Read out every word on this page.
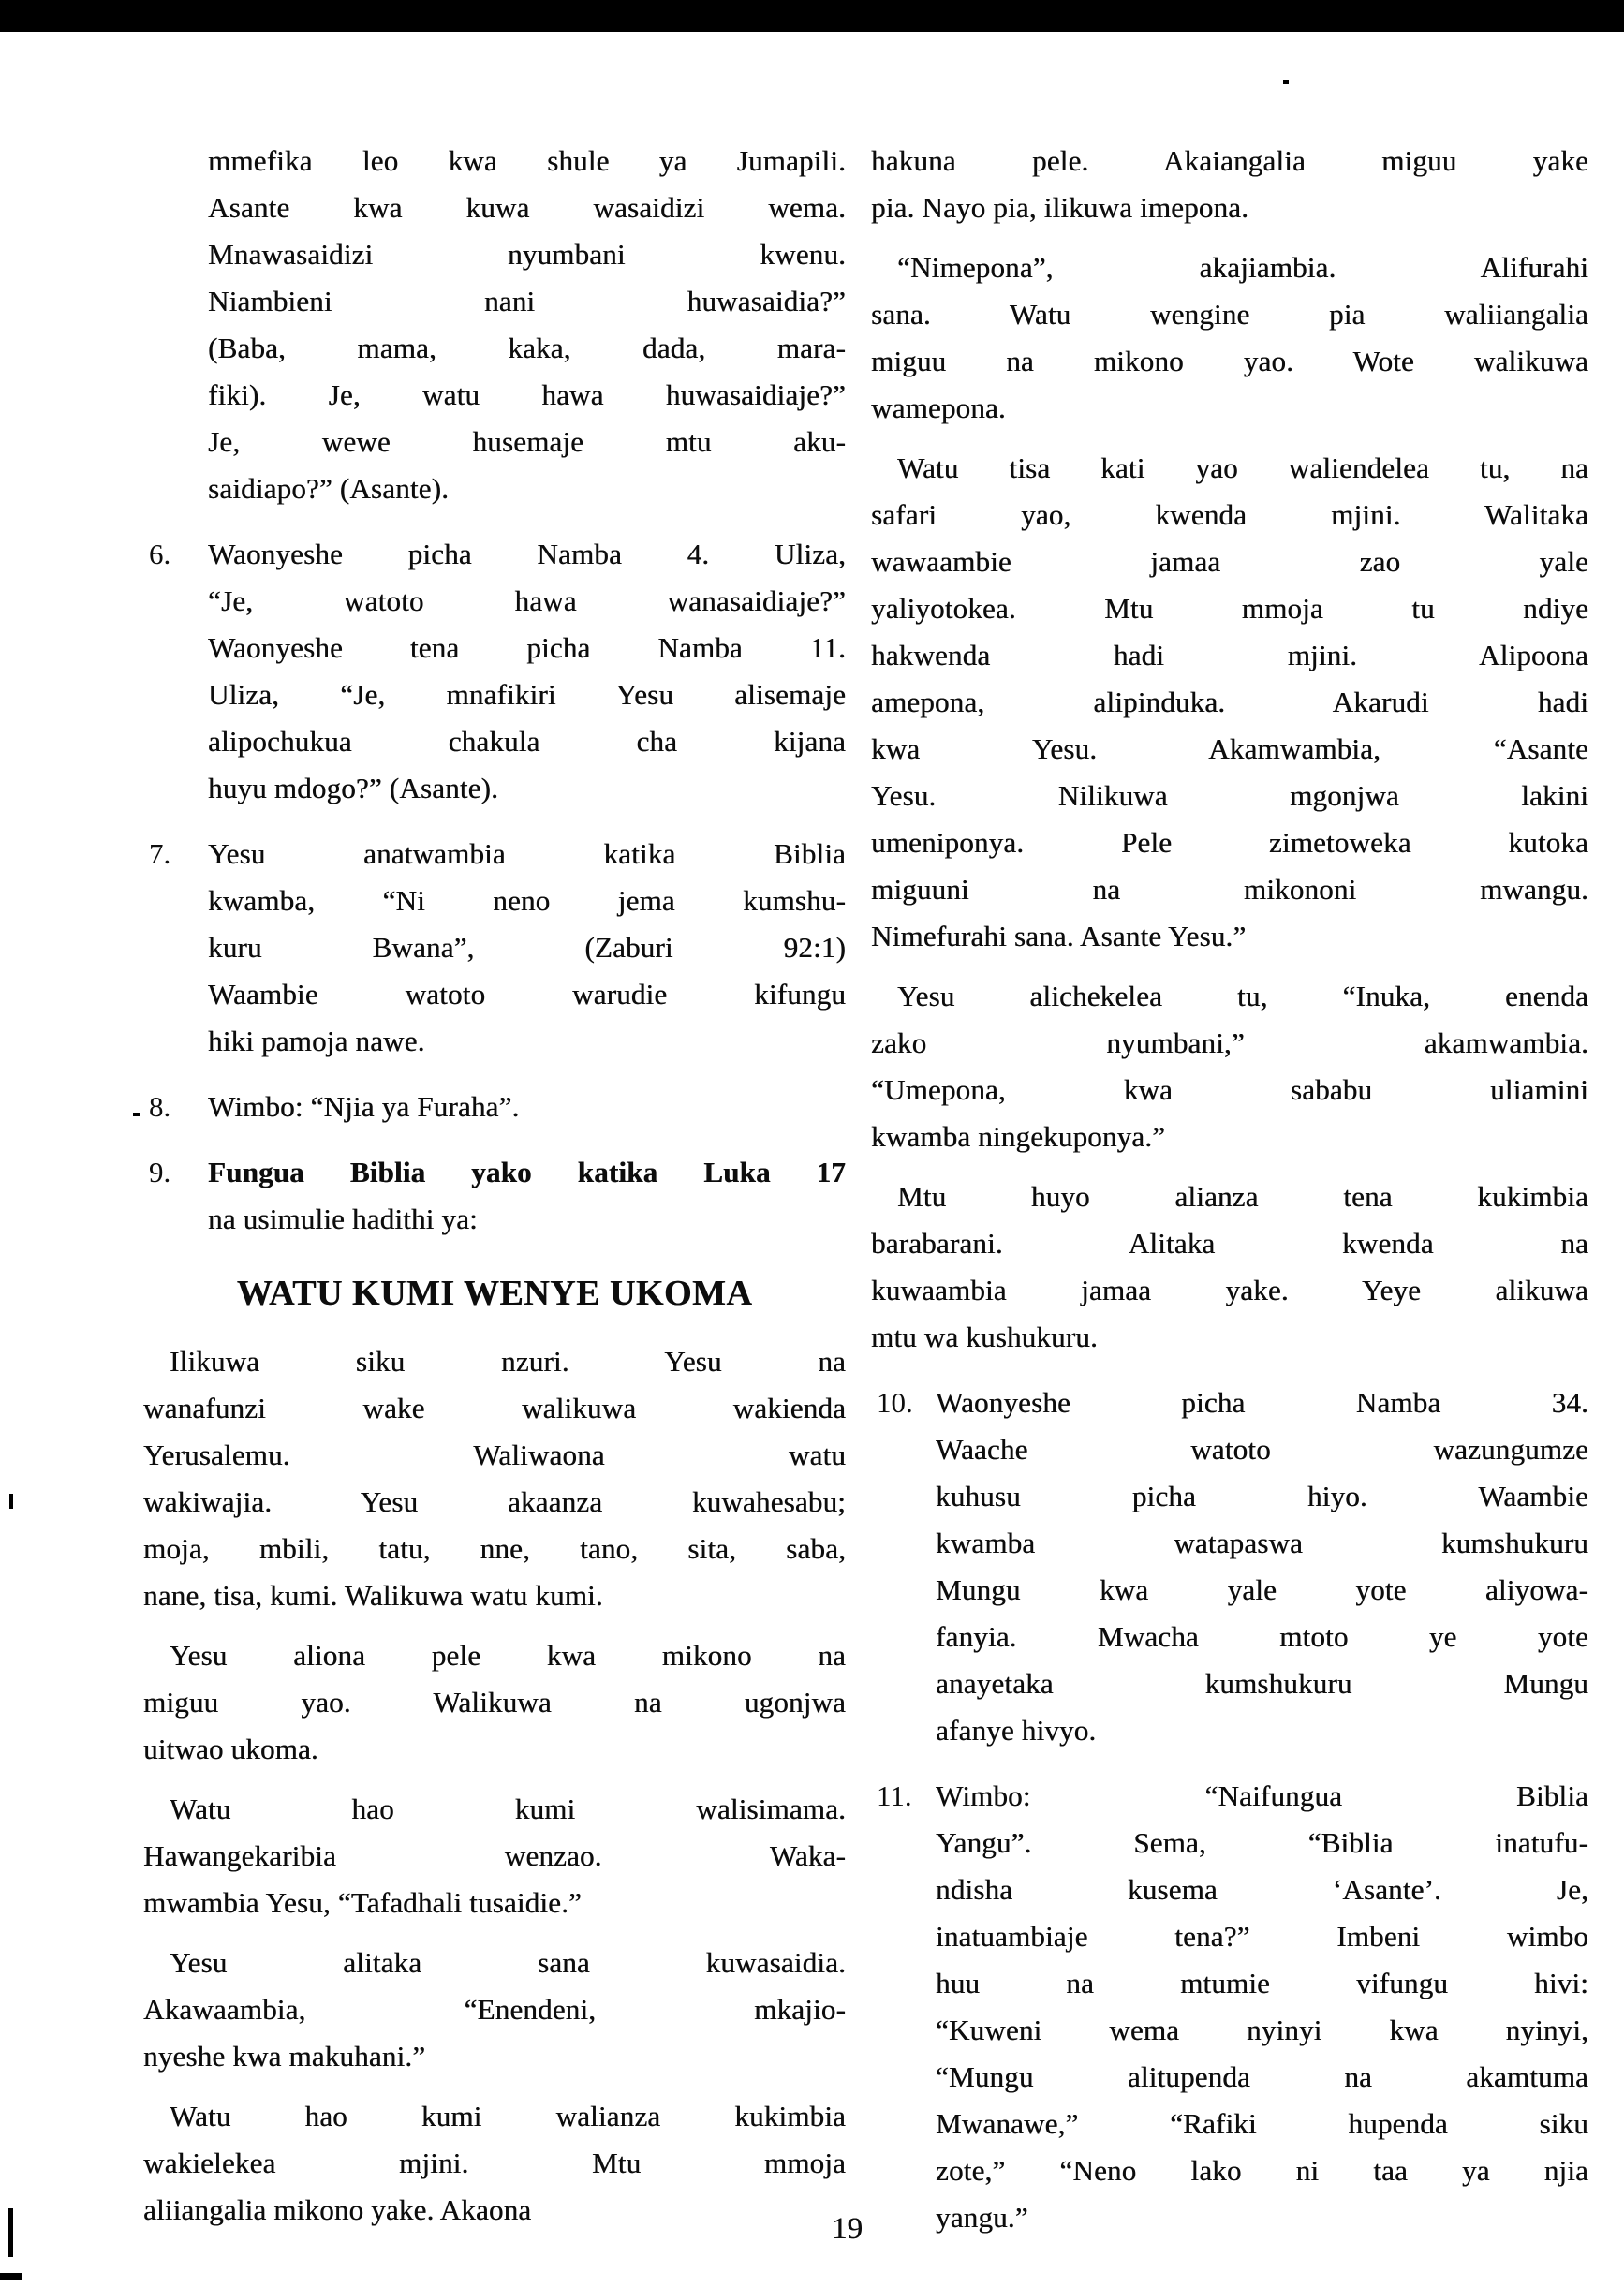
mmefika leo kwa shule ya Jumapili.
Asante kwa kuwa wasaidizi wema.
Mnawasaidizi nyumbani kwenu.
Niambieni nani huwasaidia?”
(Baba, mama, kaka, dada, mara-
fiki). Je, watu hawa huwasaidiaje?”
Je, wewe husemaje mtu aku-
saidiapo?” (Asante).
6. Waonyeshe picha Namba 4. Uliza,
“Je, watoto hawa wanasaidiaje?”
Waonyeshe tena picha Namba 11.
Uliza, “Je, mnafikiri Yesu alisemaje
alipochukua chakula cha kijana
huyu mdogo?” (Asante).
7. Yesu anatwambia katika Biblia
kwamba, “Ni neno jema kumshu-
kuru Bwana”, (Zaburi 92:1)
Waambie watoto warudie kifungu
hiki pamoja nawe.
8. Wimbo: “Njia ya Furaha”.
9. Fungua Biblia yako katika Luka 17
na usimulie hadithi ya:
WATU KUMI WENYE UKOMA
Ilikuwa siku nzuri. Yesu na
wanafunzi wake walikuwa wakienda
Yerusalemu. Waliwaona watu
wakiwajia. Yesu akaanza kuwahesabu;
moja, mbili, tatu, nne, tano, sita, saba,
nane, tisa, kumi. Walikuwa watu kumi.
Yesu aliona pele kwa mikono na
miguu yao. Walikuwa na ugonjwa
uitwao ukoma.
Watu hao kumi walisimama.
Hawangekaribia wenzao. Waka-
mwambia Yesu, “Tafadhali tusaidie.”
Yesu alitaka sana kuwasaidia.
Akawaambia, “Enendeni, mkajio-
nyeshe kwa makuhani.”
Watu hao kumi walianza kukimbia
wakielekea mjini. Mtu mmoja
aliiangalia mikono yake. Akaona
hakuna pele. Akaiangalia miguu yake
pia. Nayo pia, ilikuwa imepona.
“Nimepona”, akajiambia. Alifurahi
sana. Watu wengine pia waliiangalia
miguu na mikono yao. Wote walikuwa
wamepona.
Watu tisa kati yao waliendelea tu, na
safari yao, kwenda mjini. Walitaka
wawaambie jamaa zao yale
yaliyotokea. Mtu mmoja tu ndiye
hakwenda hadi mjini. Alipoona
amepona, alipinduka. Akarudi hadi
kwa Yesu. Akamwambia, “Asante
Yesu. Nilikuwa mgonjwa lakini
umeniponya. Pele zimetoweka kutoka
miguuni na mikononi mwangu.
Nimefurahi sana. Asante Yesu.”
Yesu alichekelea tu, “Inuka, enenda
zako nyumbani,” akamwambia.
“Umepona, kwa sababu uliamini
kwamba ningekuponya.”
Mtu huyo alianza tena kukimbia
barabarani. Alitaka kwenda na
kuwaambia jamaa yake. Yeye alikuwa
mtu wa kushukuru.
10. Waonyeshe picha Namba 34.
Waache watoto wazungumze
kuhusu picha hiyo. Waambie
kwamba watapaswa kumshukuru
Mungu kwa yale yote aliyowa-
fanyia. Mwacha mtoto ye yote
anayetaka kumshukuru Mungu
afanye hivyo.
11. Wimbo: “Naifungua Biblia
Yangu”. Sema, “Biblia inatufu-
ndisha kusema ‘Asante’. Je,
inatuambiaje tena?” Imbeni wimbo
huu na mtumie vifungu hivi:
“Kuweni wema nyinyi kwa nyinyi,
“Mungu alitupenda na akamtuma
Mwanawe,” “Rafiki hupenda siku
zote,” “Neno lako ni taa ya njia
yangu.”
19
